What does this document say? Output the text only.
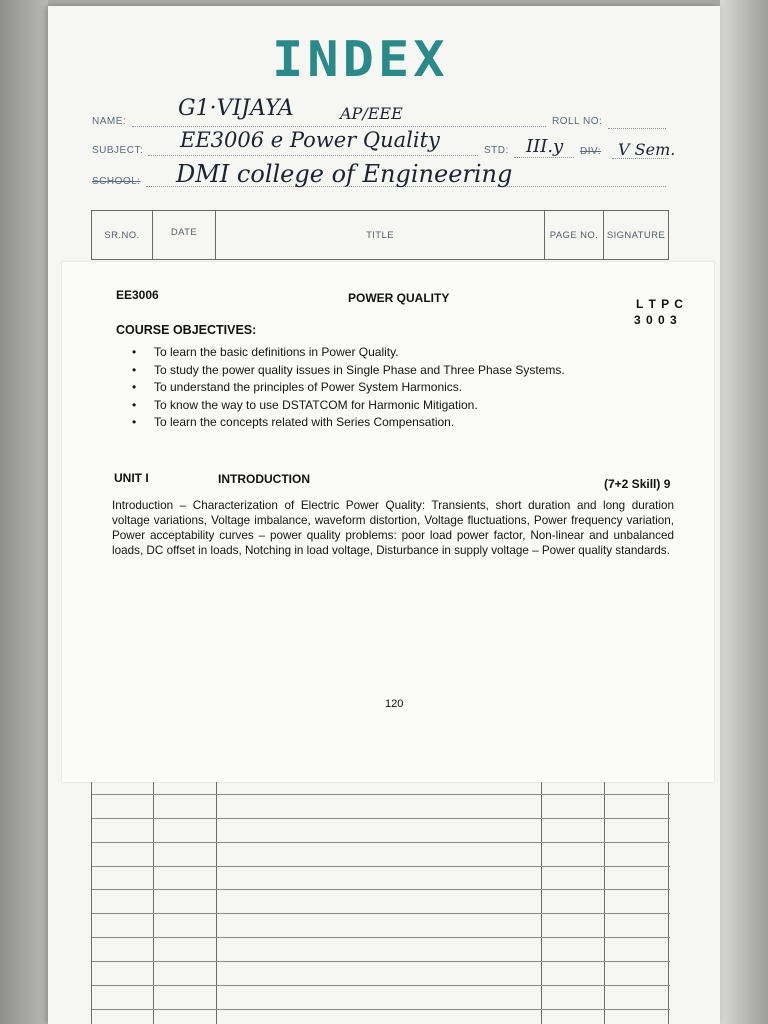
INDEX
NAME:
G1·VIJAYA	AP/EEE	ROLL NO:
SUBJECT: EE3006 e Power Quality	STD: III.y DIV: V Sem.
SCHOOL: DMI college of Engineering
SR.NO.	DATE	TITLE	PAGE NO. SIGNATURE
EE3006	POWER QUALITY	L T P C
3 0 0 3
COURSE OBJECTIVES:
• To learn the basic definitions in Power Quality.
• To study the power quality issues in Single Phase and Three Phase Systems.
• To understand the principles of Power System Harmonics.
• To know the way to use DSTATCOM for Harmonic Mitigation.
• To learn the concepts related with Series Compensation.
UNIT I	INTRODUCTION	(7+2 Skill) 9
Introduction – Characterization of Electric Power Quality: Transients, short duration and long duration voltage variations, Voltage imbalance, waveform distortion, Voltage fluctuations, Power frequency variation, Power acceptability curves – power quality problems: poor load power factor, Non-linear and unbalanced loads, DC offset in loads, Notching in load voltage, Disturbance in supply voltage – Power quality standards.
120
